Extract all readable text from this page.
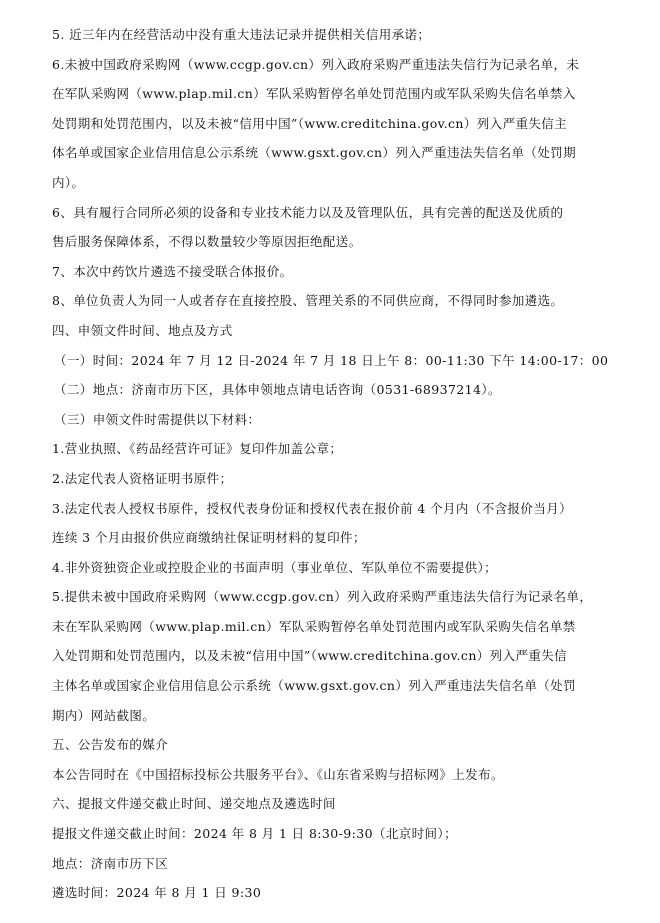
5. 近三年内在经营活动中没有重大违法记录并提供相关信用承诺；

6.未被中国政府采购网（www.ccgp.gov.cn）列入政府采购严重违法失信行为记录名单，未

在军队采购网（www.plap.mil.cn）军队采购暂停名单处罚范围内或军队采购失信名单禁入

处罚期和处罚范围内，以及未被“信用中国”（www.creditchina.gov.cn）列入严重失信主

体名单或国家企业信用信息公示系统（www.gsxt.gov.cn）列入严重违法失信名单（处罚期

内）。

6、具有履行合同所必须的设备和专业技术能力以及及管理队伍，具有完善的配送及优质的

售后服务保障体系，不得以数量较少等原因拒绝配送。

7、本次中药饮片遴选不接受联合体报价。

8、单位负责人为同一人或者存在直接控股、管理关系的不同供应商，不得同时参加遴选。

四、申领文件时间、地点及方式

（一）时间：2024 年 7 月 12 日-2024 年 7 月 18 日上午 8：00-11:30 下午 14:00-17：00

（二）地点：济南市历下区，具体申领地点请电话咨询（0531-68937214）。

（三）申领文件时需提供以下材料：

1.营业执照、《药品经营许可证》复印件加盖公章；

2.法定代表人资格证明书原件；

3.法定代表人授权书原件，授权代表身份证和授权代表在报价前 4 个月内（不含报价当月）

连续 3 个月由报价供应商缴纳社保证明材料的复印件；

4.非外资独资企业或控股企业的书面声明（事业单位、军队单位不需要提供）；

5.提供未被中国政府采购网（www.ccgp.gov.cn）列入政府采购严重违法失信行为记录名单，

未在军队采购网（www.plap.mil.cn）军队采购暂停名单处罚范围内或军队采购失信名单禁

入处罚期和处罚范围内，以及未被“信用中国”（www.creditchina.gov.cn）列入严重失信

主体名单或国家企业信用信息公示系统（www.gsxt.gov.cn）列入严重违法失信名单（处罚

期内）网站截图。

五、公告发布的媒介

本公告同时在《中国招标投标公共服务平台》、《山东省采购与招标网》上发布。

六、提报文件递交截止时间、递交地点及遴选时间

提报文件递交截止时间：2024 年 8 月 1 日 8:30-9:30（北京时间）；

地点：济南市历下区

遴选时间：2024 年 8 月 1 日 9:30
